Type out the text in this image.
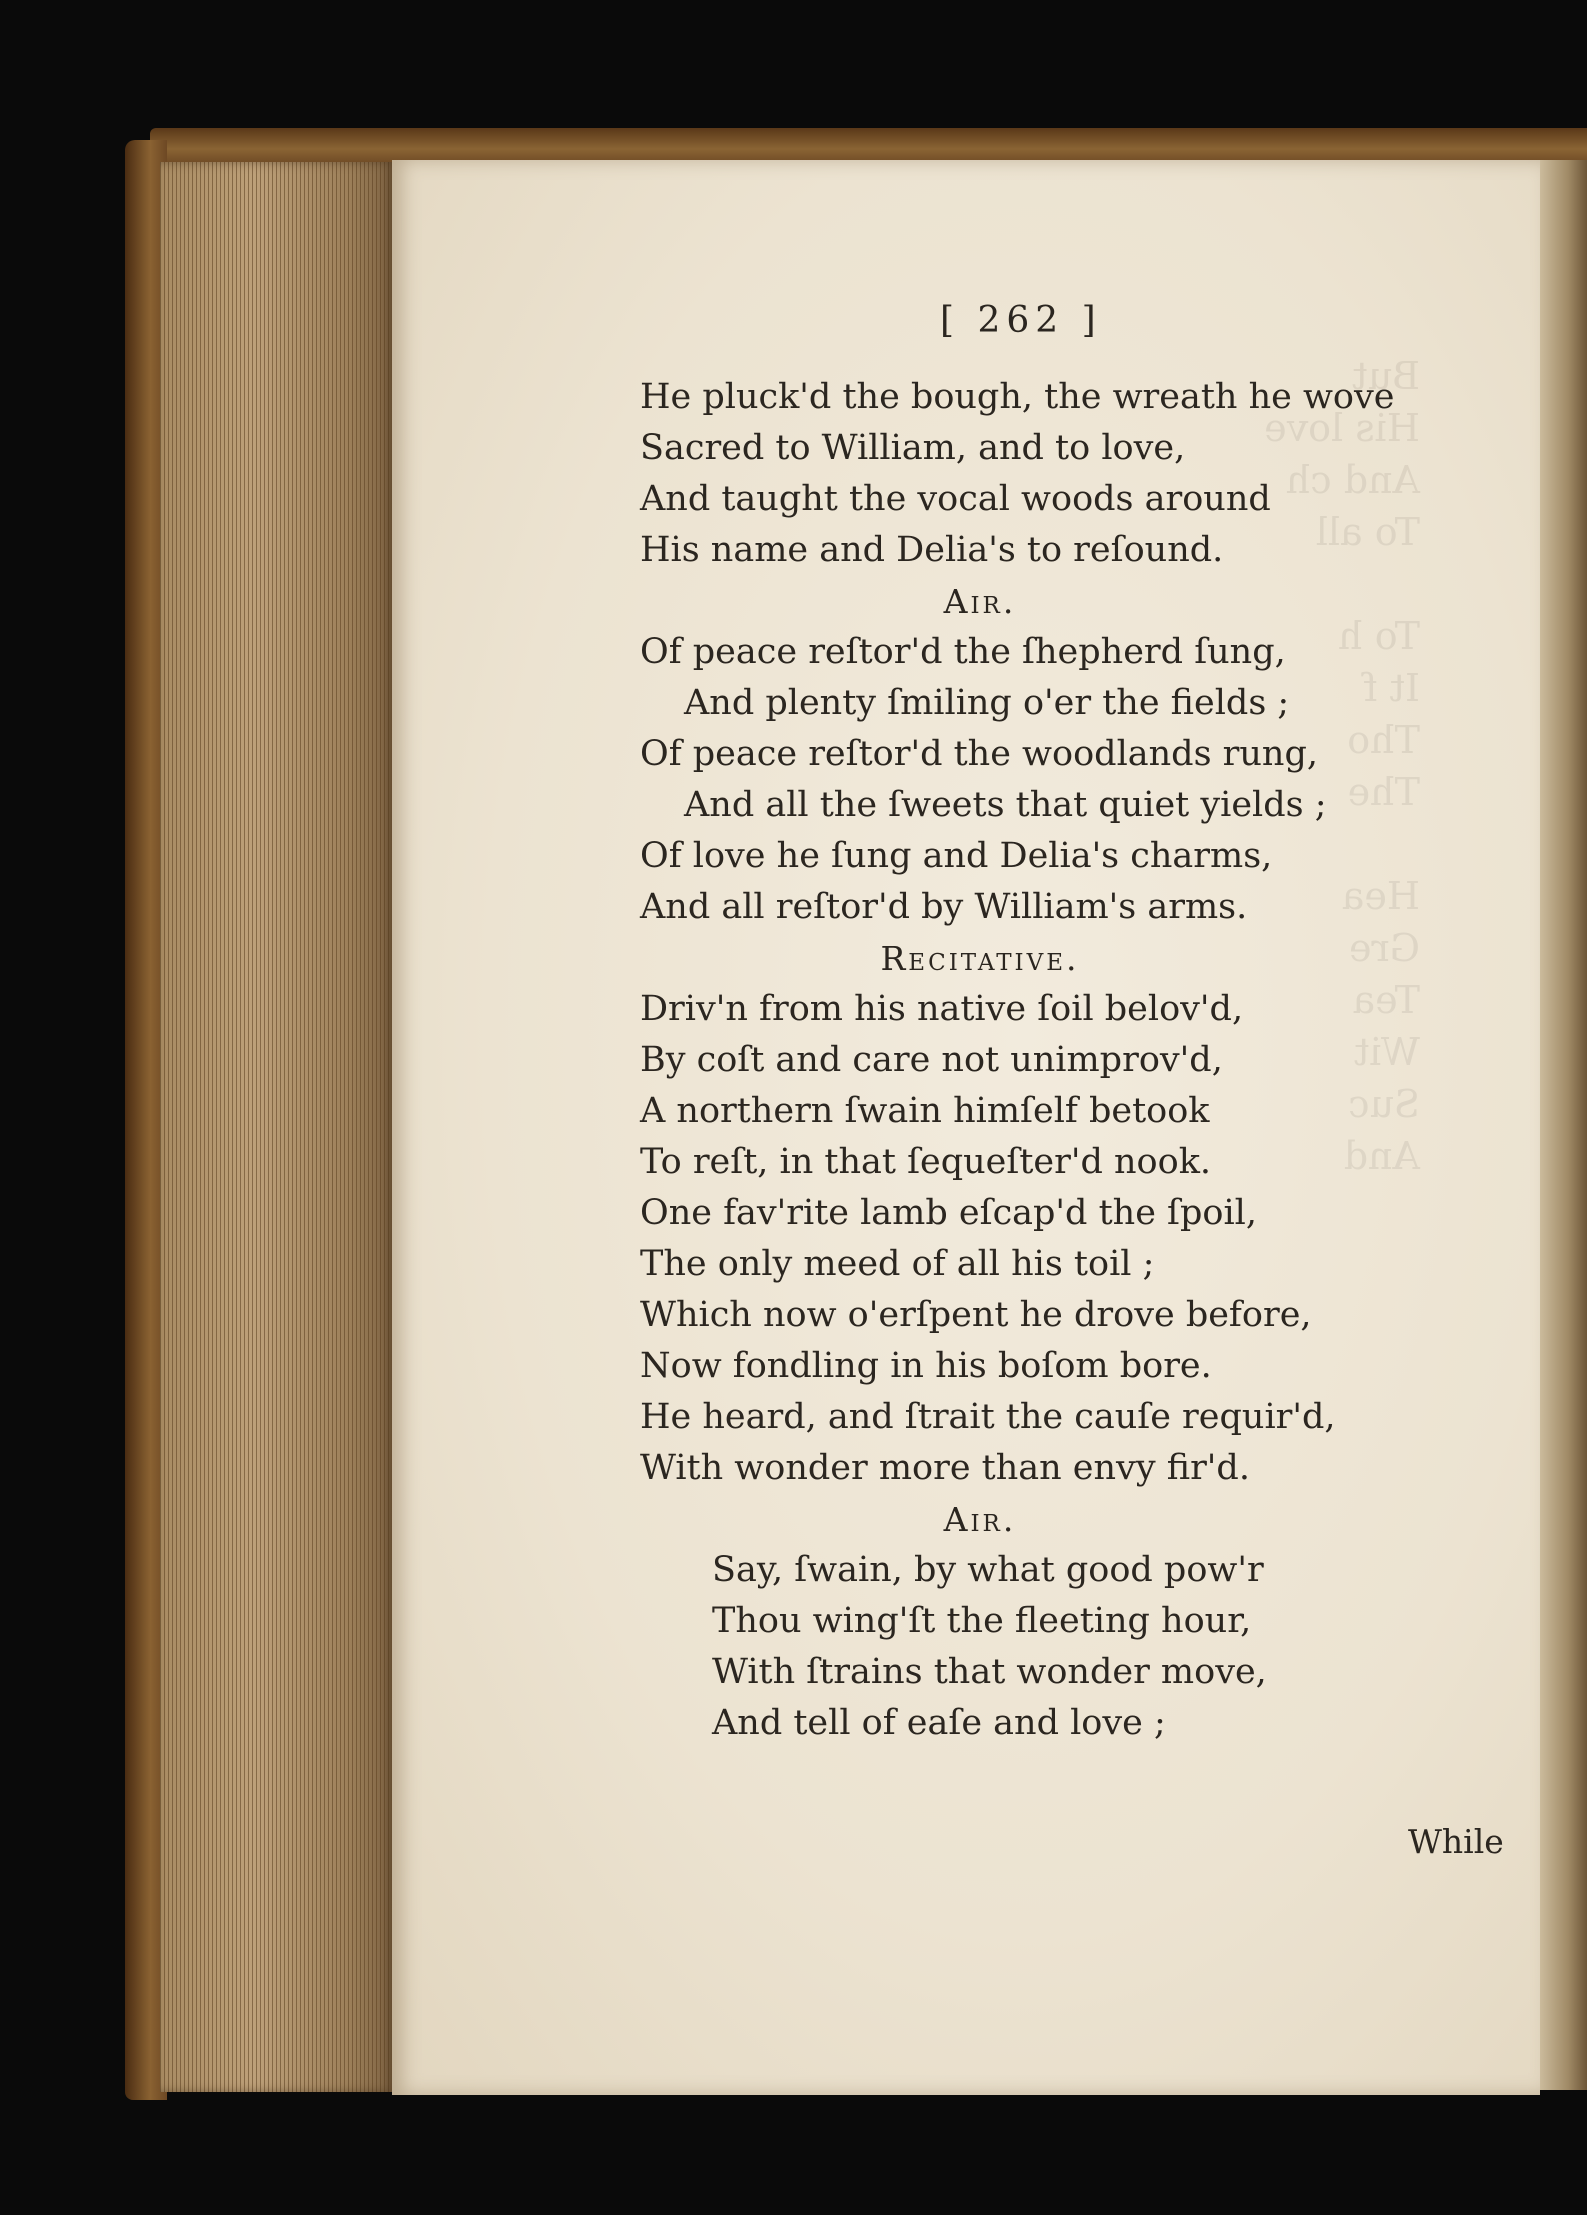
[ 262 ]
He pluck'd the bough, the wreath he wove
Sacred to William, and to love,
And taught the vocal woods around
His name and Delia's to reſound.
Air.
Of peace reſtor'd the ſhepherd ſung,
And plenty ſmiling o'er the fields ;
Of peace reſtor'd the woodlands rung,
And all the ſweets that quiet yields ;
Of love he ſung and Delia's charms,
And all reſtor'd by William's arms.
Recitative.
Driv'n from his native ſoil belov'd,
By coſt and care not unimprov'd,
A northern ſwain himſelf betook
To reſt, in that ſequeſter'd nook.
One fav'rite lamb eſcap'd the ſpoil,
The only meed of all his toil ;
Which now o'erſpent he drove before,
Now fondling in his boſom bore.
He heard, and ſtrait the cauſe requir'd,
With wonder more than envy fir'd.
Air.
Say, ſwain, by what good pow'r
Thou wing'ſt the fleeting hour,
With ſtrains that wonder move,
And tell of eaſe and love ;
While
